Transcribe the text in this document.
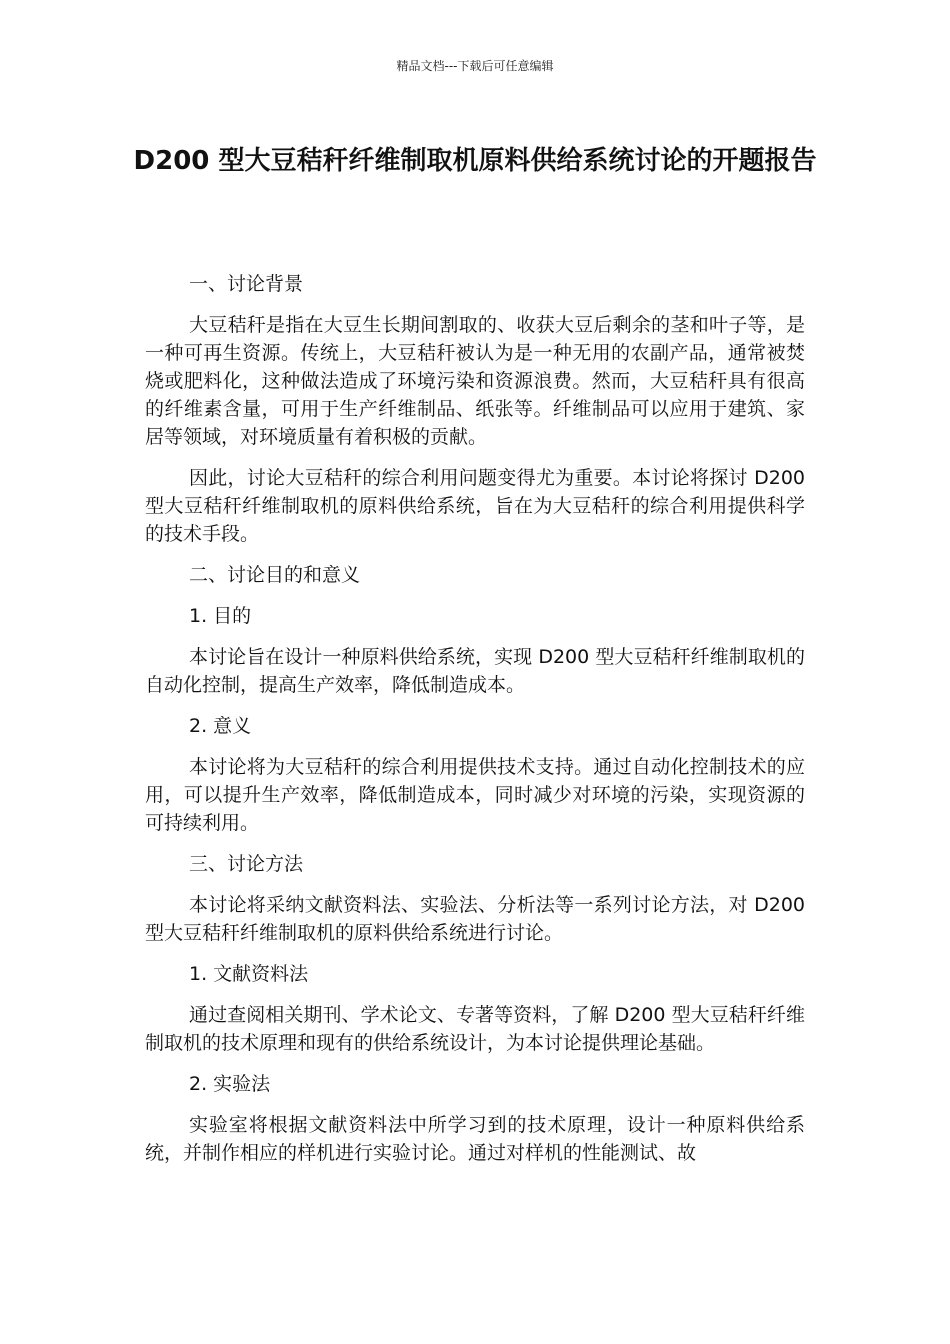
精品文档---下载后可任意编辑
D200 型大豆秸秆纤维制取机原料供给系统讨论的开题报告

一、讨论背景

大豆秸秆是指在大豆生长期间割取的、收获大豆后剩余的茎和叶子等，是一种可再生资源。传统上，大豆秸秆被认为是一种无用的农副产品，通常被焚烧或肥料化，这种做法造成了环境污染和资源浪费。然而，大豆秸秆具有很高的纤维素含量，可用于生产纤维制品、纸张等。纤维制品可以应用于建筑、家居等领域，对环境质量有着积极的贡献。

因此，讨论大豆秸秆的综合利用问题变得尤为重要。本讨论将探讨 D200 型大豆秸秆纤维制取机的原料供给系统，旨在为大豆秸秆的综合利用提供科学的技术手段。

二、讨论目的和意义

1. 目的

本讨论旨在设计一种原料供给系统，实现 D200 型大豆秸秆纤维制取机的自动化控制，提高生产效率，降低制造成本。

2. 意义

本讨论将为大豆秸秆的综合利用提供技术支持。通过自动化控制技术的应用，可以提升生产效率，降低制造成本，同时减少对环境的污染，实现资源的可持续利用。

三、讨论方法

本讨论将采纳文献资料法、实验法、分析法等一系列讨论方法，对 D200 型大豆秸秆纤维制取机的原料供给系统进行讨论。

1. 文献资料法

通过查阅相关期刊、学术论文、专著等资料，了解 D200 型大豆秸秆纤维制取机的技术原理和现有的供给系统设计，为本讨论提供理论基础。

2. 实验法

实验室将根据文献资料法中所学习到的技术原理，设计一种原料供给系统，并制作相应的样机进行实验讨论。通过对样机的性能测试、故
